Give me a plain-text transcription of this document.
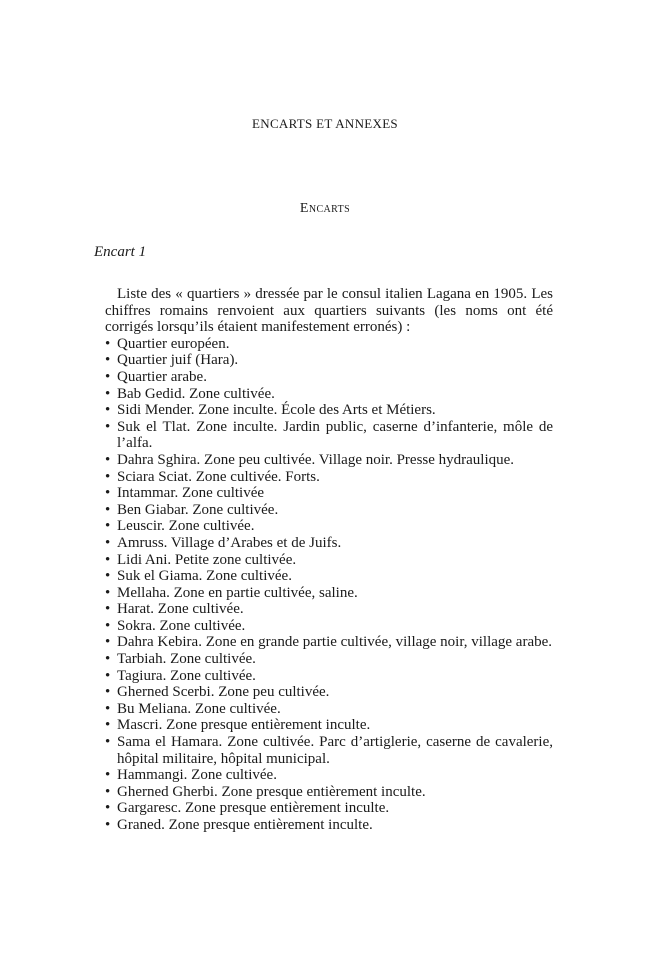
ENCARTS ET ANNEXES
Encarts
Encart 1

Liste des « quartiers » dressée par le consul italien Lagana en 1905. Les chiffres romains renvoient aux quartiers suivants (les noms ont été corrigés lorsqu’ils étaient manifestement erronés) :

• Quartier européen.
• Quartier juif (Hara).
• Quartier arabe.
• Bab Gedid. Zone cultivée.
• Sidi Mender. Zone inculte. École des Arts et Métiers.
• Suk el Tlat. Zone inculte. Jardin public, caserne d’infanterie, môle de l’alfa.
• Dahra Sghira. Zone peu cultivée. Village noir. Presse hydraulique.
• Sciara Sciat. Zone cultivée. Forts.
• Intammar. Zone cultivée
• Ben Giabar. Zone cultivée.
• Leuscir. Zone cultivée.
• Amruss. Village d’Arabes et de Juifs.
• Lidi Ani. Petite zone cultivée.
• Suk el Giama. Zone cultivée.
• Mellaha. Zone en partie cultivée, saline.
• Harat. Zone cultivée.
• Sokra. Zone cultivée.
• Dahra Kebira. Zone en grande partie cultivée, village noir, village arabe.
• Tarbiah. Zone cultivée.
• Tagiura. Zone cultivée.
• Gherned Scerbi. Zone peu cultivée.
• Bu Meliana. Zone cultivée.
• Mascri. Zone presque entièrement inculte.
• Sama el Hamara. Zone cultivée. Parc d’artiglerie, caserne de cavalerie, hôpital militaire, hôpital municipal.
• Hammangi. Zone cultivée.
• Gherned Gherbi. Zone presque entièrement inculte.
• Gargaresc. Zone presque entièrement inculte.
• Graned. Zone presque entièrement inculte.
